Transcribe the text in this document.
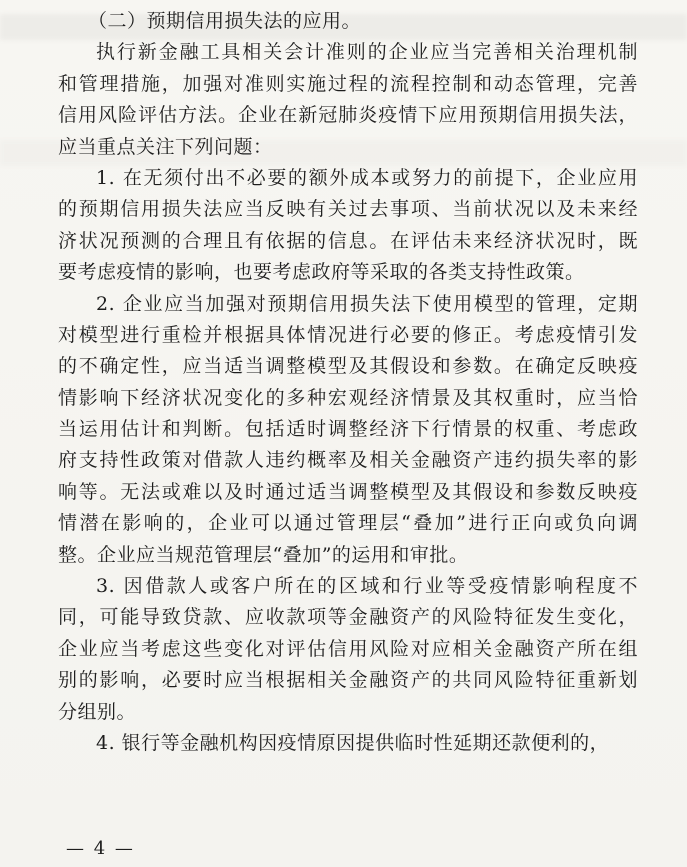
（二）预期信用损失法的应用。
执行新金融工具相关会计准则的企业应当完善相关治理机制
和管理措施，加强对准则实施过程的流程控制和动态管理，完善
信用风险评估方法。企业在新冠肺炎疫情下应用预期信用损失法，
应当重点关注下列问题：
1. 在无须付出不必要的额外成本或努力的前提下，企业应用
的预期信用损失法应当反映有关过去事项、当前状况以及未来经
济状况预测的合理且有依据的信息。在评估未来经济状况时，既
要考虑疫情的影响，也要考虑政府等采取的各类支持性政策。
2. 企业应当加强对预期信用损失法下使用模型的管理，定期
对模型进行重检并根据具体情况进行必要的修正。考虑疫情引发
的不确定性，应当适当调整模型及其假设和参数。在确定反映疫
情影响下经济状况变化的多种宏观经济情景及其权重时，应当恰
当运用估计和判断。包括适时调整经济下行情景的权重、考虑政
府支持性政策对借款人违约概率及相关金融资产违约损失率的影
响等。无法或难以及时通过适当调整模型及其假设和参数反映疫
情潜在影响的，企业可以通过管理层“叠加”进行正向或负向调
整。企业应当规范管理层“叠加”的运用和审批。
3. 因借款人或客户所在的区域和行业等受疫情影响程度不
同，可能导致贷款、应收款项等金融资产的风险特征发生变化，
企业应当考虑这些变化对评估信用风险对应相关金融资产所在组
别的影响，必要时应当根据相关金融资产的共同风险特征重新划
分组别。
4. 银行等金融机构因疫情原因提供临时性延期还款便利的，
— 4 —
